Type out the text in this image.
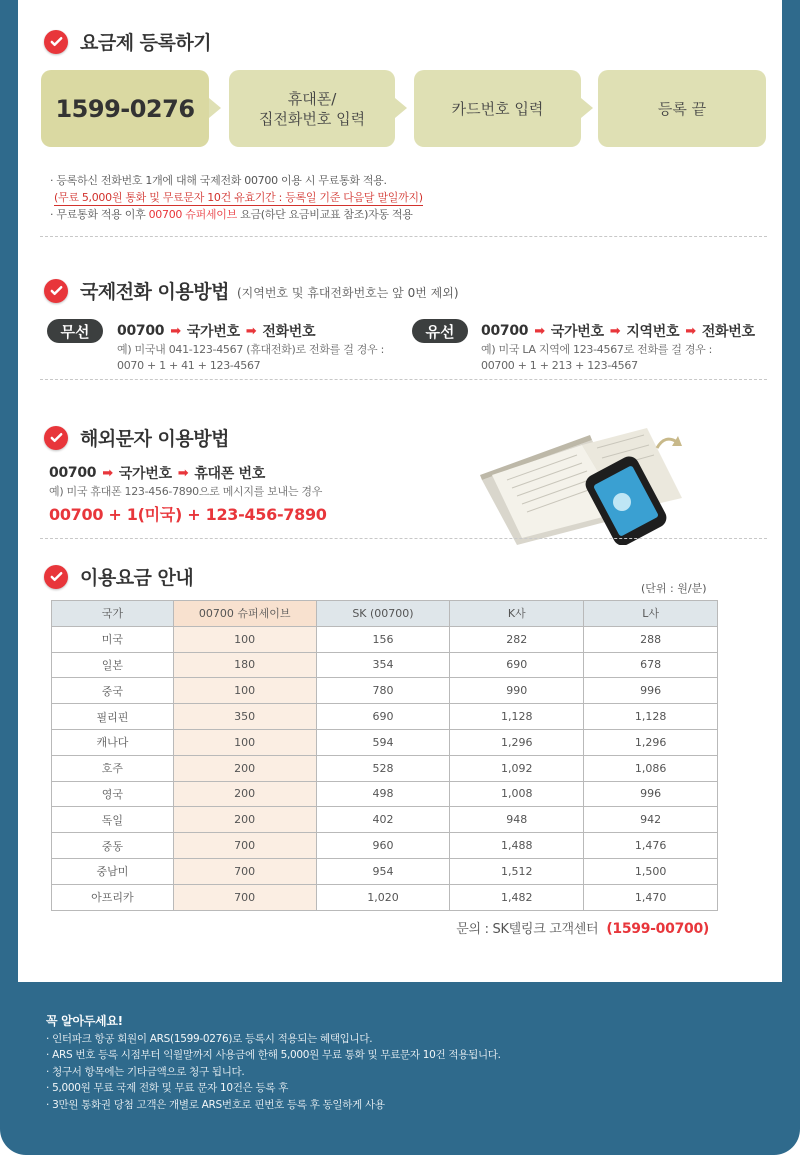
요금제 등록하기
1599-0276	휴대폰/
집전화번호 입력
카드번호 입력	등록 끝
· 등록하신 전화번호 1개에 대해 국제전화 00700 이용 시 무료통화 적용.
(무료 5,000원 통화 및 무료문자 10건 유효기간 : 등록일 기준 다음달 말일까지)
· 무료통화 적용 이후 00700 슈퍼세이브 요금(하단 요금비교표 참조)자동 적용
국제전화 이용방법 (지역번호 및 휴대전화번호는 앞 0번 제외)
무선	00700 ➡ 국가번호 ➡ 전화번호
예) 미국내 041-123-4567 (휴대전화)로 전화를 걸 경우 :
0070 + 1 + 41 + 123-4567
유선	00700 ➡ 국가번호 ➡ 지역번호 ➡ 전화번호
예) 미국 LA 지역에 123-4567로 전화를 걸 경우 :
00700 + 1 + 213 + 123-4567
해외문자 이용방법
00700 ➡ 국가번호 ➡ 휴대폰 번호
예) 미국 휴대폰 123-456-7890으로 메시지를 보내는 경우
00700 + 1(미국) + 123-456-7890
이용요금 안내	(단위 : 원/분)
국가	00700 슈퍼세이브	SK (00700)	K사	L사
미국	100	156	282	288
일본	180	354	690	678
중국	100	780	990	996
필리핀	350	690	1,128	1,128
캐나다	100	594	1,296	1,296
호주	200	528	1,092	1,086
영국	200	498	1,008	996
독일	200	402	948	942
중동	700	960	1,488	1,476
중남미	700	954	1,512	1,500
아프리카	700	1,020	1,482	1,470
문의 : SK텔링크 고객센터 (1599-00700)
꼭 알아두세요!
· 인터파크 항공 회원이 ARS(1599-0276)로 등록시 적용되는 혜택입니다.
· ARS 번호 등록 시점부터 익월말까지 사용금에 한해 5,000원 무료 통화 및 무료문자 10건 적용됩니다.
· 청구서 항목에는 기타금액으로 청구 됩니다.
· 5,000원 무료 국제 전화 및 무료 문자 10건은 등록 후
· 3만원 통화권 당첨 고객은 개별로 ARS번호로 핀번호 등록 후 동일하게 사용
